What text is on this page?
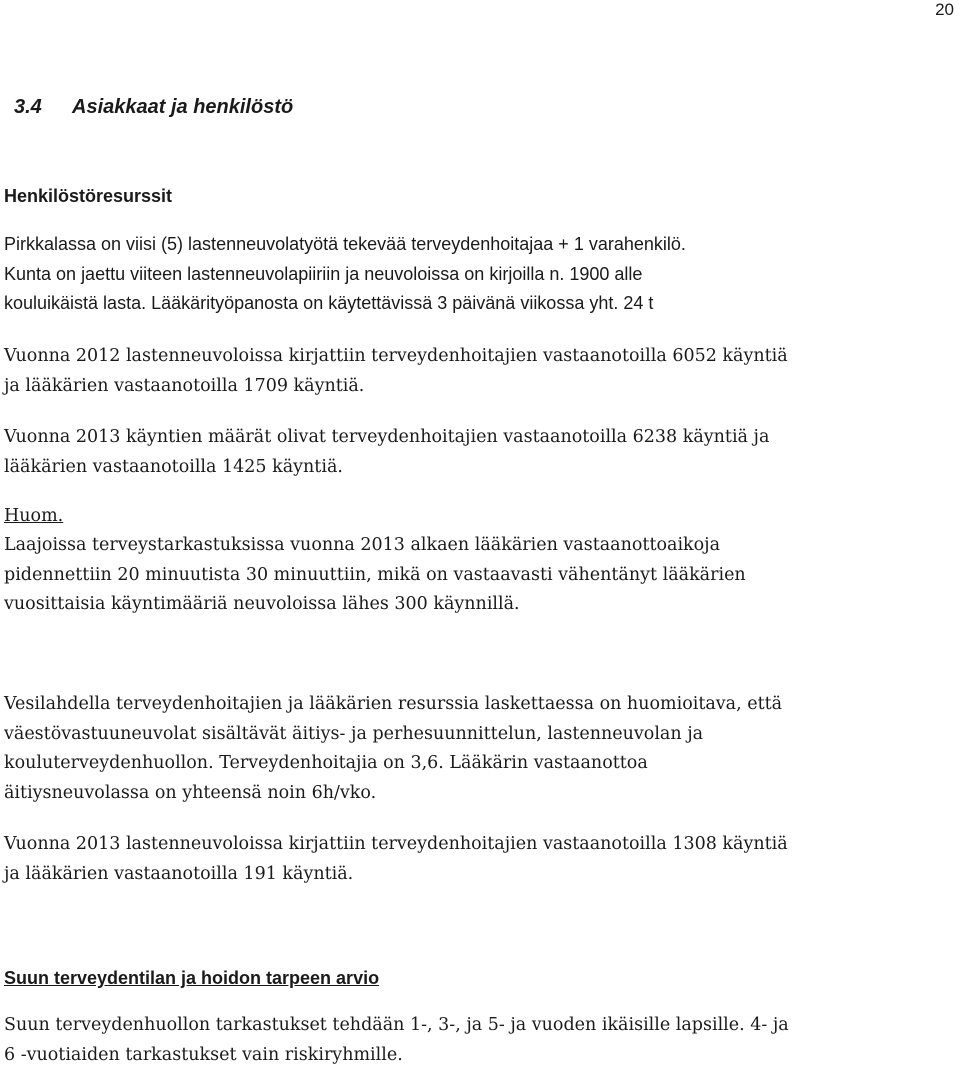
20
3.4 Asiakkaat ja henkilöstö
Henkilöstöresurssit

Pirkkalassa on viisi (5) lastenneuvolatyötä tekevää terveydenhoitajaa + 1 varahenkilö.
Kunta on jaettu viiteen lastenneuvolapiiriin ja neuvoloissa on kirjoilla n. 1900 alle
kouluikäistä lasta. Lääkärityöpanosta on käytettävissä 3 päivänä viikossa yht. 24 t

Vuonna 2012 lastenneuvoloissa kirjattiin terveydenhoitajien vastaanotoilla 6052 käyntiä
ja lääkärien vastaanotoilla 1709 käyntiä.

Vuonna 2013 käyntien määrät olivat terveydenhoitajien vastaanotoilla 6238 käyntiä ja
lääkärien vastaanotoilla 1425 käyntiä.

Huom.

Laajoissa terveystarkastuksissa vuonna 2013 alkaen lääkärien vastaanottoaikoja
pidennettiin 20 minuutista 30 minuuttiin, mikä on vastaavasti vähentänyt lääkärien
vuosittaisia käyntimääriä neuvoloissa lähes 300 käynnillä.

Vesilahdella terveydenhoitajien ja lääkärien resurssia laskettaessa on huomioitava, että
väestövastuuneuvolat sisältävät äitiys- ja perhesuunnittelun, lastenneuvolan ja
kouluterveydenhuollon. Terveydenhoitajia on 3,6. Lääkärin vastaanottoa
äitiysneuvolassa on yhteensä noin 6h/vko.

Vuonna 2013 lastenneuvoloissa kirjattiin terveydenhoitajien vastaanotoilla 1308 käyntiä
ja lääkärien vastaanotoilla 191 käyntiä.

Suun terveydentilan ja hoidon tarpeen arvio

Suun terveydenhuollon tarkastukset tehdään 1-, 3-, ja 5- ja vuoden ikäisille lapsille. 4- ja
6 -vuotiaiden tarkastukset vain riskiryhmille.
